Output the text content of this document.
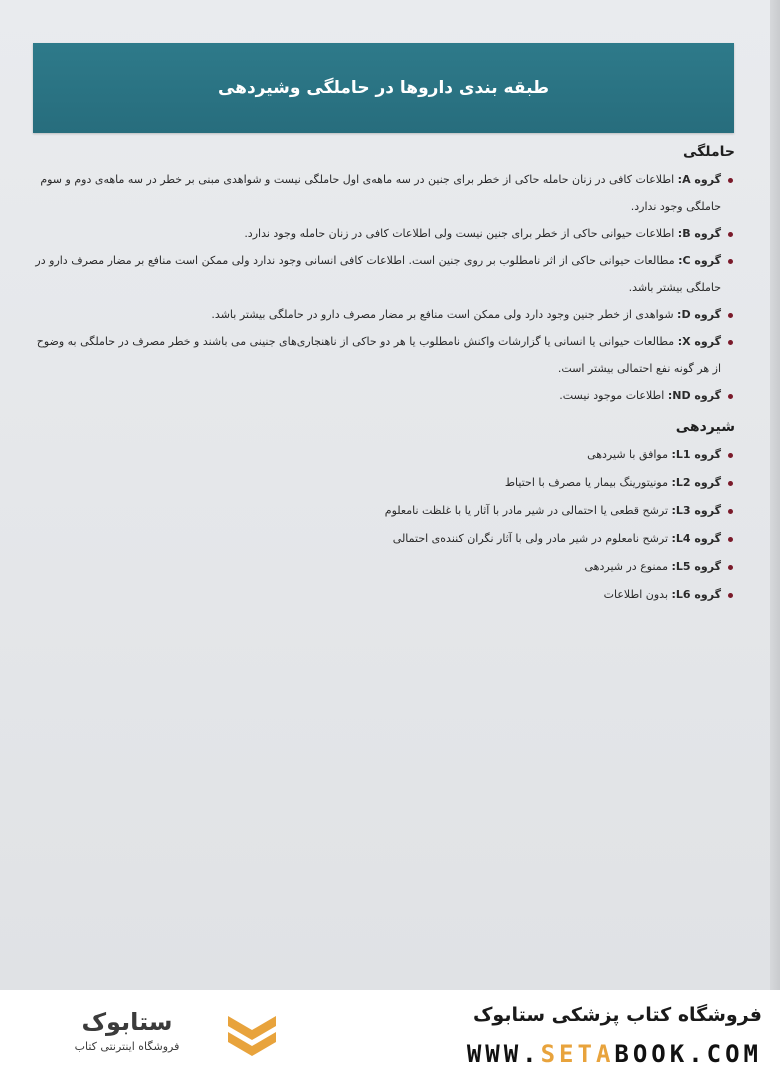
طبقه بندی داروها در حاملگی وشیردهی
حاملگی
گروه A: اطلاعات کافی در زنان حامله حاکی از خطر برای جنین در سه ماهه‌ی اول حاملگی نیست و شواهدی مبنی بر خطر در سه ماهه‌ی دوم و سوم حاملگی وجود ندارد.
گروه B: اطلاعات حیوانی حاکی از خطر برای جنین نیست ولی اطلاعات کافی در زنان حامله وجود ندارد.
گروه C: مطالعات حیوانی حاکی از اثر نامطلوب بر روی جنین است. اطلاعات کافی انسانی وجود ندارد ولی ممکن است منافع بر مضار مصرف دارو در حاملگی بیشتر باشد.
گروه D: شواهدی از خطر جنین وجود دارد ولی ممکن است منافع بر مضار مصرف دارو در حاملگی بیشتر باشد.
گروه X: مطالعات حیوانی یا انسانی یا گزارشات واکنش نامطلوب یا هر دو حاکی از ناهنجاری‌های جنینی می باشند و خطر مصرف در حاملگی به وضوح از هر گونه نفع احتمالی بیشتر است.
گروه ND: اطلاعات موجود نیست.
شیردهی
گروه L1: موافق با شیردهی
گروه L2: مونیتورینگ بیمار یا مصرف با احتیاط
گروه L3: ترشح قطعی یا احتمالی در شیر مادر با آثار یا با غلظت نامعلوم
گروه L4: ترشح نامعلوم در شیر مادر ولی با آثار نگران کننده‌ی احتمالی
گروه L5: ممنوع در شیردهی
گروه L6: بدون اطلاعات
ستابوک
فروشگاه اینترنتی کتاب
فروشگاه کتاب پزشکی ستابوک
WWW.SETABOOK.COM
